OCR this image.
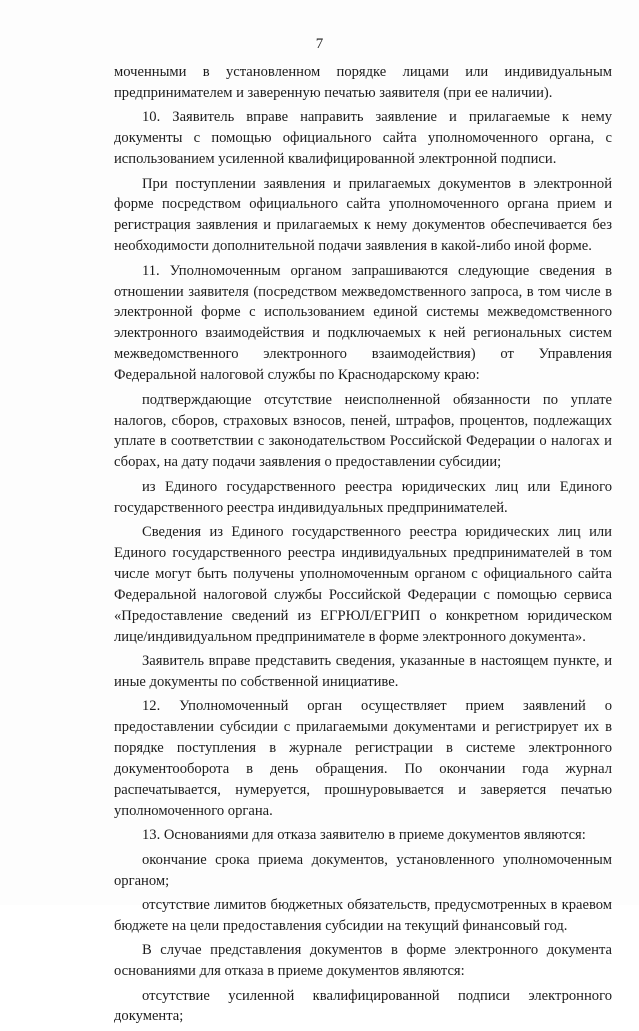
7

моченными в установленном порядке лицами или индивидуальным предпринимателем и заверенную печатью заявителя (при ее наличии).

10. Заявитель вправе направить заявление и прилагаемые к нему документы с помощью официального сайта уполномоченного органа, с использованием усиленной квалифицированной электронной подписи.

При поступлении заявления и прилагаемых документов в электронной форме посредством официального сайта уполномоченного органа прием и регистрация заявления и прилагаемых к нему документов обеспечивается без необходимости дополнительной подачи заявления в какой-либо иной форме.

11. Уполномоченным органом запрашиваются следующие сведения в отношении заявителя (посредством межведомственного запроса, в том числе в электронной форме с использованием единой системы межведомственного электронного взаимодействия и подключаемых к ней региональных систем межведомственного электронного взаимодействия) от Управления Федеральной налоговой службы по Краснодарскому краю:

подтверждающие отсутствие неисполненной обязанности по уплате налогов, сборов, страховых взносов, пеней, штрафов, процентов, подлежащих уплате в соответствии с законодательством Российской Федерации о налогах и сборах, на дату подачи заявления о предоставлении субсидии;

из Единого государственного реестра юридических лиц или Единого государственного реестра индивидуальных предпринимателей.

Сведения из Единого государственного реестра юридических лиц или Единого государственного реестра индивидуальных предпринимателей в том числе могут быть получены уполномоченным органом с официального сайта Федеральной налоговой службы Российской Федерации с помощью сервиса «Предоставление сведений из ЕГРЮЛ/ЕГРИП о конкретном юридическом лице/индивидуальном предпринимателе в форме электронного документа».

Заявитель вправе представить сведения, указанные в настоящем пункте, и иные документы по собственной инициативе.

12. Уполномоченный орган осуществляет прием заявлений о предоставлении субсидии с прилагаемыми документами и регистрирует их в порядке поступления в журнале регистрации в системе электронного документооборота в день обращения. По окончании года журнал распечатывается, нумеруется, прошнуровывается и заверяется печатью уполномоченного органа.

13. Основаниями для отказа заявителю в приеме документов являются:

окончание срока приема документов, установленного уполномоченным органом;

отсутствие лимитов бюджетных обязательств, предусмотренных в краевом бюджете на цели предоставления субсидии на текущий финансовый год.

В случае представления документов в форме электронного документа основаниями для отказа в приеме документов являются:

отсутствие усиленной квалифицированной подписи электронного документа;
